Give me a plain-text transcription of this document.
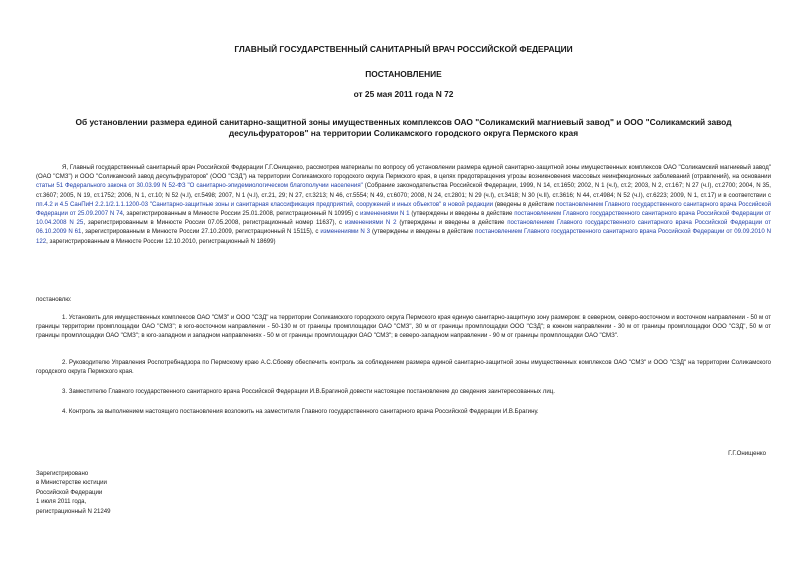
ГЛАВНЫЙ ГОСУДАРСТВЕННЫЙ САНИТАРНЫЙ ВРАЧ РОССИЙСКОЙ ФЕДЕРАЦИИ
ПОСТАНОВЛЕНИЕ
от 25 мая 2011 года N 72
Об установлении размера единой санитарно-защитной зоны имущественных комплексов ОАО "Соликамский магниевый завод" и ООО "Соликамский завод десульфураторов" на территории Соликамского городского округа Пермского края
Я, Главный государственный санитарный врач Российской Федерации Г.Г.Онищенко, рассмотрев материалы по вопросу об установлении размера единой санитарно-защитной зоны имущественных комплексов ОАО "Соликамский магниевый завод" (ОАО "СМЗ") и ООО "Соликамский завод десульфураторов" (ООО "СЗД") на территории Соликамского городского округа Пермского края, в целях предотвращения угрозы возникновения массовых неинфекционных заболеваний (отравлений), на основании статьи 51 Федерального закона от 30.03.99 N 52-ФЗ "О санитарно-эпидемиологическом благополучии населения" (Собрание законодательства Российской Федерации, 1999, N 14, ст.1650; 2002, N 1 (ч.I), ст.2; 2003, N 2, ст.167; N 27 (ч.I), ст.2700; 2004, N 35, ст.3607; 2005, N 19, ст.1752; 2006, N 1, ст.10; N 52 (ч.I), ст.5498; 2007, N 1 (ч.I), ст.21, 29; N 27, ст.3213; N 46, ст.5554; N 49, ст.6070; 2008, N 24, ст.2801; N 29 (ч.I), ст.3418; N 30 (ч.II), ст.3616; N 44, ст.4984; N 52 (ч.I), ст.6223; 2009, N 1, ст.17) и в соответствии с пп.4.2 и 4.5 СанПиН 2.2.1/2.1.1.1200-03 "Санитарно-защитные зоны и санитарная классификация предприятий, сооружений и иных объектов" в новой редакции (введены в действие постановлением Главного государственного санитарного врача Российской Федерации от 25.09.2007 N 74, зарегистрированным в Минюсте России 25.01.2008, регистрационный N 10995) с изменениями N 1 (утверждены и введены в действие постановлением Главного государственного санитарного врача Российской Федерации от 10.04.2008 N 25, зарегистрированным в Минюсте России 07.05.2008, регистрационный номер 11637), с изменениями N 2 (утверждены и введены в действие постановлением Главного государственного санитарного врача Российской Федерации от 06.10.2009 N 61, зарегистрированным в Минюсте России 27.10.2009, регистрационный N 15115), с изменениями N 3 (утверждены и введены в действие постановлением Главного государственного санитарного врача Российской Федерации от 09.09.2010 N 122, зарегистрированным в Минюсте России 12.10.2010, регистрационный N 18699)
постановлю:
1. Установить для имущественных комплексов ОАО "СМЗ" и ООО "СЗД" на территории Соликамского городского округа Пермского края единую санитарно-защитную зону размером: в северном, северо-восточном и восточном направлении - 50 м от границы территории промплощадки ОАО "СМЗ"; в юго-восточном направлении - 50-130 м от границы промплощадки ОАО "СМЗ", 30 м от границы промплощадки ООО "СЗД"; в южном направлении - 30 м от границы промплощадки ООО "СЗД", 50 м от границы промплощадки ОАО "СМЗ"; в юго-западном и западном направлениях - 50 м от границы промплощадки ОАО "СМЗ"; в северо-западном направлении - 90 м от границы промплощадки ОАО "СМЗ".
2. Руководителю Управления Роспотребнадзора по Пермскому краю А.С.Сбоеву обеспечить контроль за соблюдением размера единой санитарно-защитной зоны имущественных комплексов ОАО "СМЗ" и ООО "СЗД" на территории Соликамского городского округа Пермского края.
3. Заместителю Главного государственного санитарного врача Российской Федерации И.В.Брагиной довести настоящее постановление до сведения заинтересованных лиц.
4. Контроль за выполнением настоящего постановления возложить на заместителя Главного государственного санитарного врача Российской Федерации И.В.Брагину.
Г.Г.Онищенко
Зарегистрировано
в Министерстве юстиции
Российской Федерации
1 июля 2011 года,
регистрационный N 21249
